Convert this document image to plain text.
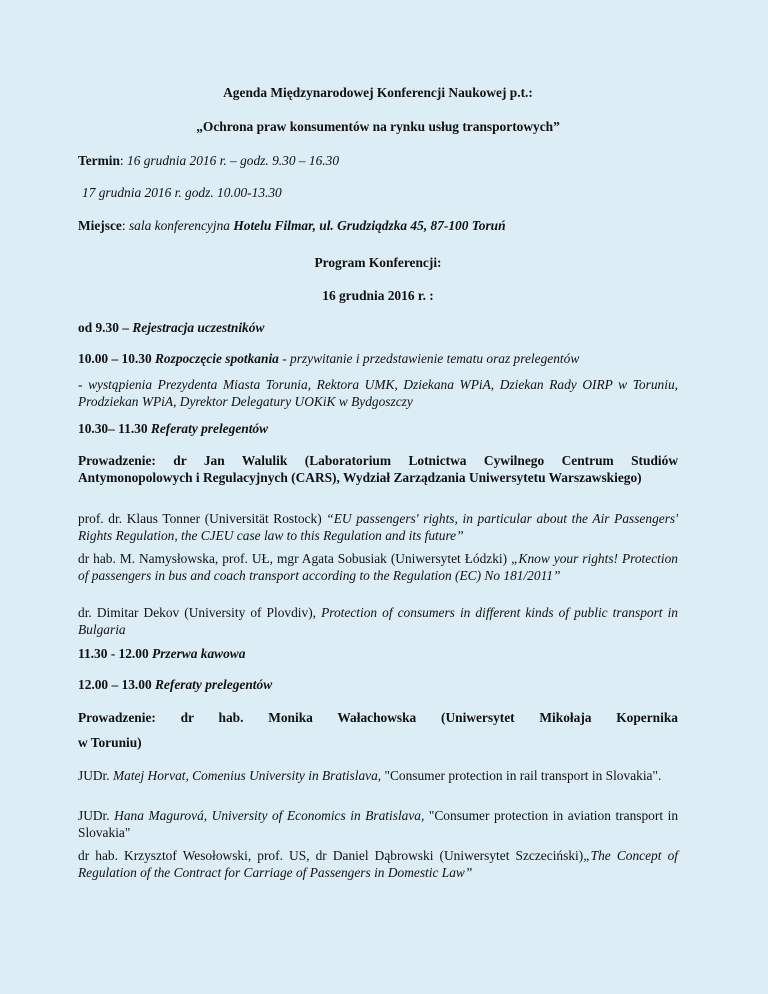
Agenda Międzynarodowej Konferencji Naukowej p.t.:

„Ochrona praw konsumentów na rynku usług transportowych”

Termin: 16 grudnia 2016 r. – godz. 9.30 – 16.30

17 grudnia 2016 r. godz. 10.00-13.30

Miejsce: sala konferencyjna Hotelu Filmar, ul. Grudziądzka 45, 87-100 Toruń

Program Konferencji:

16 grudnia 2016 r. :

od 9.30 – Rejestracja uczestników

10.00 – 10.30 Rozpoczęcie spotkania - przywitanie i przedstawienie tematu oraz prelegentów

- wystąpienia Prezydenta Miasta Torunia, Rektora UMK, Dziekana WPiA, Dziekan Rady OIRP w Toruniu, Prodziekan WPiA, Dyrektor Delegatury UOKiK w Bydgoszczy

10.30– 11.30 Referaty prelegentów

Prowadzenie: dr Jan Walulik (Laboratorium Lotnictwa Cywilnego Centrum Studiów Antymonopolowych i Regulacyjnych (CARS), Wydział Zarządzania Uniwersytetu Warszawskiego)

prof. dr. Klaus Tonner (Universität Rostock) “EU passengers' rights, in particular about the Air Passengers' Rights Regulation, the CJEU case law to this Regulation and its future”

dr hab. M. Namysłowska, prof. UŁ, mgr Agata Sobusiak (Uniwersytet Łódzki) „Know your rights! Protection of passengers in bus and coach transport according to the Regulation (EC) No 181/2011”

dr. Dimitar Dekov (University of Plovdiv), Protection of consumers in different kinds of public transport in Bulgaria

11.30 - 12.00 Przerwa kawowa

12.00 – 13.00 Referaty prelegentów

Prowadzenie: dr hab. Monika Wałachowska (Uniwersytet Mikołaja Kopernika

w Toruniu)

JUDr. Matej Horvat, Comenius University in Bratislava, "Consumer protection in rail transport in Slovakia".

JUDr. Hana Magurová, University of Economics in Bratislava, "Consumer protection in aviation transport in Slovakia"

dr hab. Krzysztof Wesołowski, prof. US, dr Daniel Dąbrowski (Uniwersytet Szczeciński)„The Concept of Regulation of the Contract for Carriage of Passengers in Domestic Law”
